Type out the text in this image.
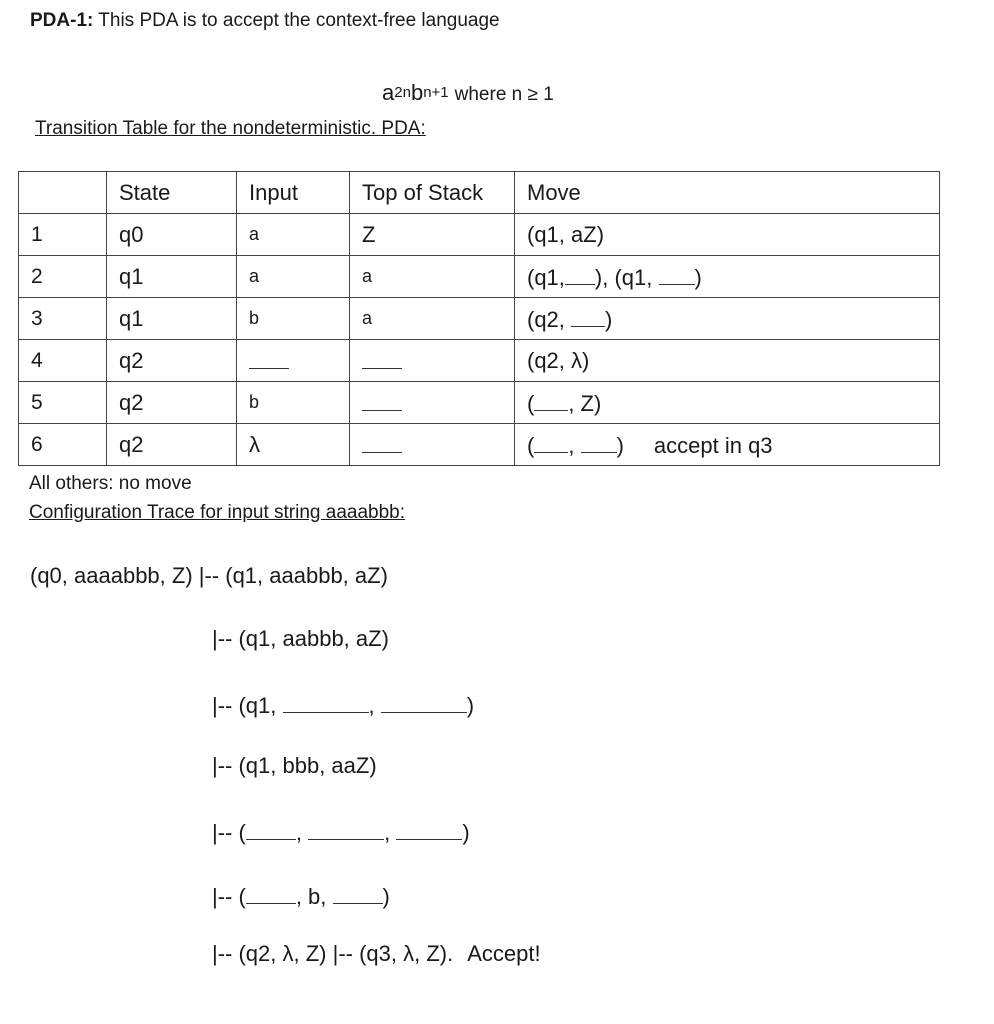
PDA-1: This PDA is to accept the context-free language
$a^{2n}b^{n+1}$ where n ≥ 1
Transition Table for the nondeterministic. PDA:
	State	Input	Top of Stack	Move
1	q0	a	Z	(q1, aZ)
2	q1	a	a	(q1, ), (q1, )
3	q1	b	a	(q2, )
4	q2			(q2, λ)
5	q2	b		( , Z)
6	q2	λ		( , ) accept in q3
All others: no move
Configuration Trace for input string aaaabbb:
(q0, aaaabbb, Z) |-- (q1, aaabbb, aZ)
|-- (q1, aabbb, aZ)
|-- (q1,	,	)
|-- (q1, bbb, aaZ)
|-- ( ,	,	)
|-- ( , b,	)
|-- (q2, λ, Z) |-- (q3, λ, Z). Accept!
